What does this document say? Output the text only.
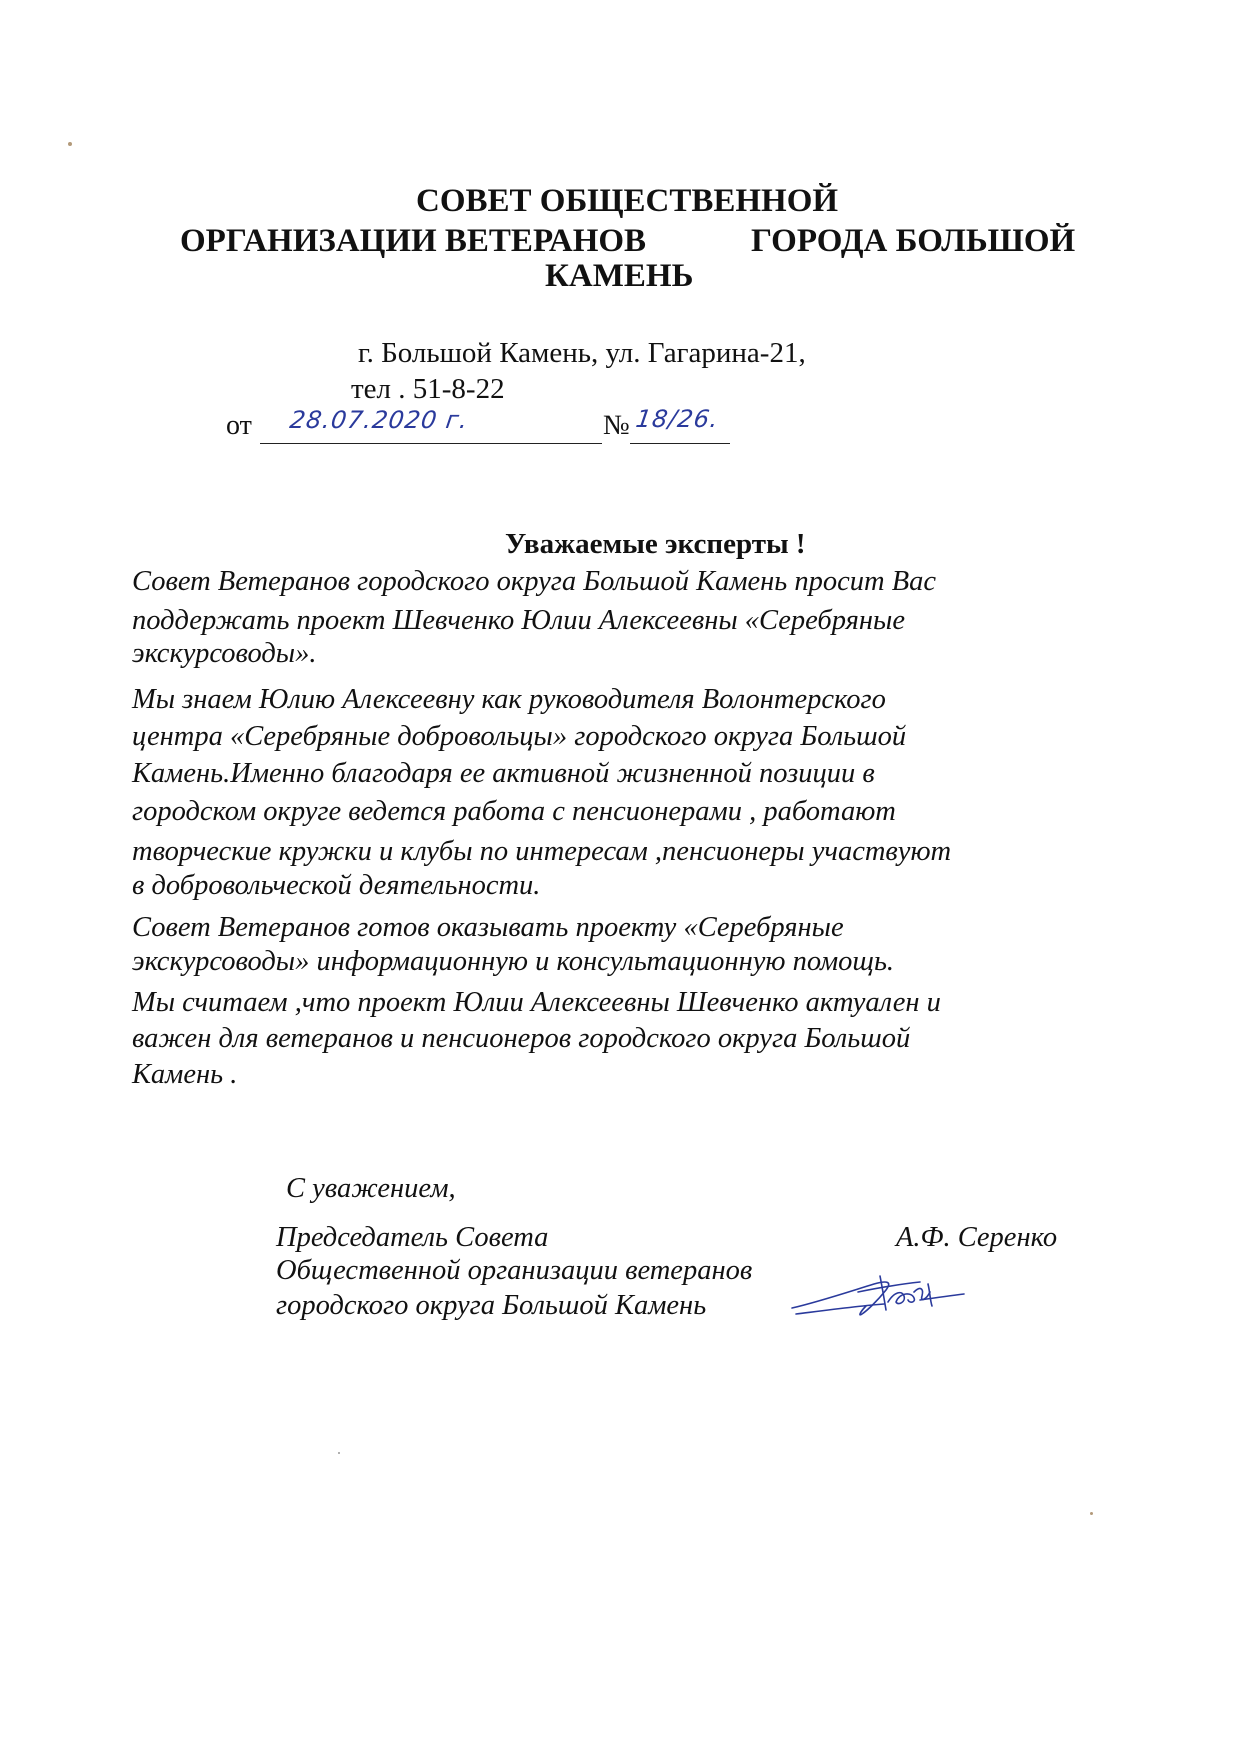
СОВЕТ ОБЩЕСТВЕННОЙ

ОРГАНИЗАЦИИ ВЕТЕРАНОВ	ГОРОДА БОЛЬШОЙ

КАМЕНЬ

г. Большой Камень, ул. Гагарина-21,
тел . 51-8-22
от 28.07.2020 г.	№ 18/26.

Уважаемые эксперты !

Совет Ветеранов городского округа Большой Камень просит Вас

поддержать проект Шевченко Юлии Алексеевны «Серебряные

экскурсоводы».

Мы знаем Юлию Алексеевну как руководителя Волонтерского

центра «Серебряные добровольцы» городского округа Большой

Камень.Именно благодаря ее активной жизненной позиции в

городском округе ведется работа с пенсионерами , работают

творческие кружки и клубы по интересам ,пенсионеры участвуют

в добровольческой деятельности.

Совет Ветеранов готов оказывать проекту «Серебряные

экскурсоводы» информационную и консультационную помощь.

Мы считаем ,что проект Юлии Алексеевны Шевченко актуален и

важен для ветеранов и пенсионеров городского округа Большой

Камень .

С уважением,

Председатель Совета

Общественной организации ветеранов

городского округа Большой Камень

А.Ф. Серенко
